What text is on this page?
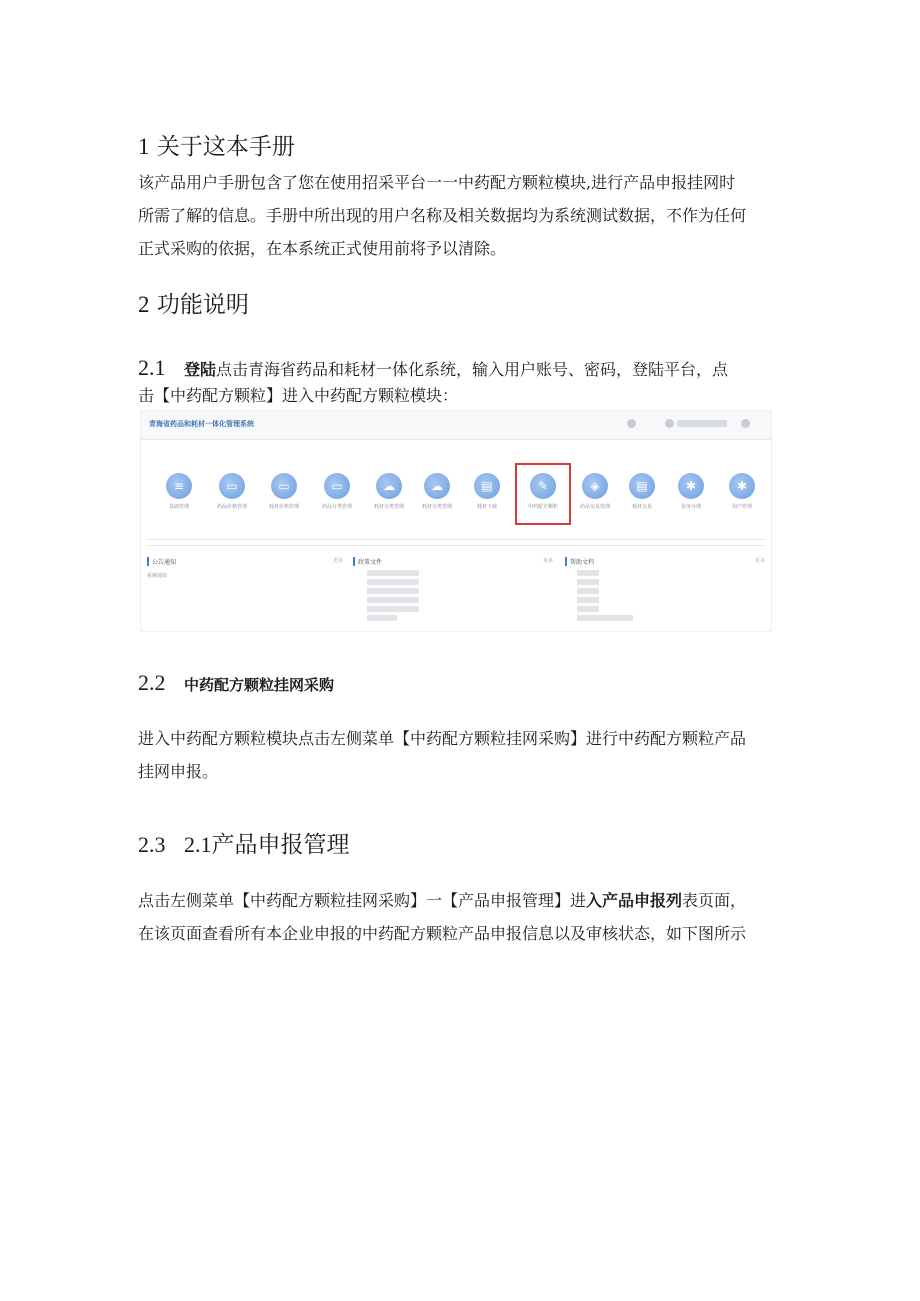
1 关于这本手册
该产品用户手册包含了您在使用招采平台一一中药配方颗粒模块,进行产品申报挂网时
所需了解的信息。手册中所出现的用户名称及相关数据均为系统测试数据，不作为任何
正式采购的依据，在本系统正式使用前将予以清除。
2 功能说明
2.1 登陆点击青海省药品和耗材一体化系统，输入用户账号、密码，登陆平台，点
击【中药配方颗粒】进入中药配方颗粒模块：
青海省药品和耗材一体化管理系统
≡
基础管理
▭
药品价格管理
▭
耗材价格管理
▭
药品分类管理
☁
耗材分类管理
☁
耗材分类管理
▤
耗材下载
✎
中药配方颗粒
◈
药品交易管理
▤
耗材交易
✱
业务办理
✱
用户管理
公告通知	更多
系统通知
政策文件	更多	帮助文档	更多
2.2 中药配方颗粒挂网采购
进入中药配方颗粒模块点击左侧菜单【中药配方颗粒挂网采购】进行中药配方颗粒产品
挂网申报。
2.3 2.1产品申报管理
点击左侧菜单【中药配方颗粒挂网采购】一【产品申报管理】进入产品申报列表页面，
在该页面查看所有本企业申报的中药配方颗粒产品申报信息以及审核状态，如下图所示
